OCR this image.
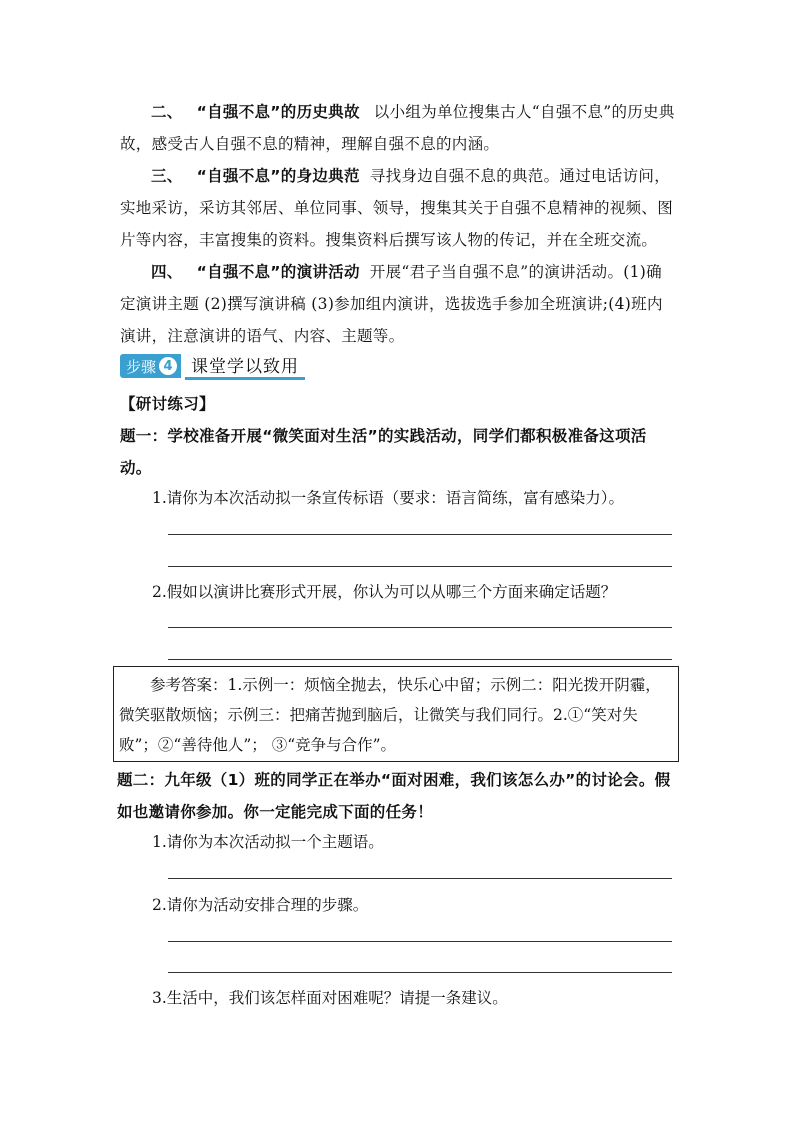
二、 “自强不息”的历史典故 以小组为单位搜集古人“自强不息”的历史典故，感受古人自强不息的精神，理解自强不息的内涵。
三、 “自强不息”的身边典范 寻找身边自强不息的典范。通过电话访问，实地采访，采访其邻居、单位同事、领导，搜集其关于自强不息精神的视频、图片等内容，丰富搜集的资料。搜集资料后撰写该人物的传记，并在全班交流。
四、 “自强不息”的演讲活动 开展“君子当自强不息”的演讲活动。(1)确定演讲主题 (2)撰写演讲稿 (3)参加组内演讲，选拔选手参加全班演讲;(4)班内演讲，注意演讲的语气、内容、主题等。
步骤 4	课堂学以致用
【研讨练习】
题一：学校准备开展“微笑面对生活”的实践活动，同学们都积极准备这项活动。
1.请你为本次活动拟一条宣传标语（要求：语言简练，富有感染力）。
2.假如以演讲比赛形式开展，你认为可以从哪三个方面来确定话题？
参考答案：1.示例一：烦恼全抛去，快乐心中留；示例二：阳光拨开阴霾，微笑驱散烦恼；示例三：把痛苦抛到脑后，让微笑与我们同行。2.①“笑对失败”；②“善待他人”； ③“竞争与合作”。
题二：九年级（1）班的同学正在举办“面对困难，我们该怎么办”的讨论会。假如也邀请你参加。你一定能完成下面的任务！
1.请你为本次活动拟一个主题语。
2.请你为活动安排合理的步骤。
3.生活中，我们该怎样面对困难呢？请提一条建议。
